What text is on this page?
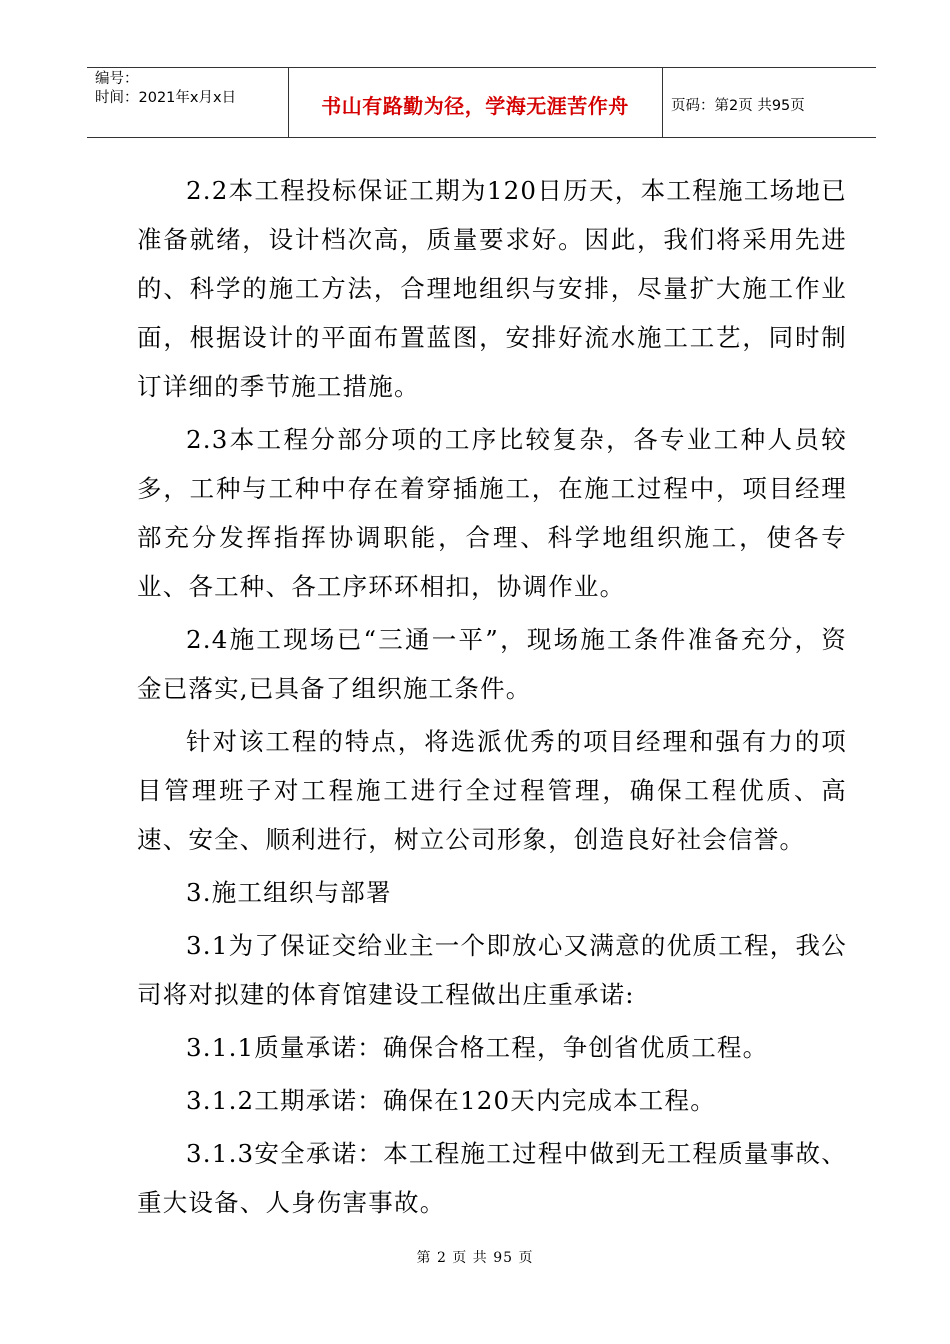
编号：
时间：2021年x月x日	书山有路勤为径，学海无涯苦作舟	页码：第2页 共95页

2.2本工程投标保证工期为120日历天，本工程施工场地已准备就绪，设计档次高，质量要求好。因此，我们将采用先进的、科学的施工方法，合理地组织与安排，尽量扩大施工作业面，根据设计的平面布置蓝图，安排好流水施工工艺，同时制订详细的季节施工措施。

2.3本工程分部分项的工序比较复杂，各专业工种人员较多，工种与工种中存在着穿插施工，在施工过程中，项目经理部充分发挥指挥协调职能，合理、科学地组织施工，使各专业、各工种、各工序环环相扣，协调作业。

2.4施工现场已“三通一平”，现场施工条件准备充分，资金已落实,已具备了组织施工条件。

针对该工程的特点，将选派优秀的项目经理和强有力的项目管理班子对工程施工进行全过程管理，确保工程优质、高速、安全、顺利进行，树立公司形象，创造良好社会信誉。

3.施工组织与部署

3.1为了保证交给业主一个即放心又满意的优质工程，我公司将对拟建的体育馆建设工程做出庄重承诺:

3.1.1质量承诺：确保合格工程，争创省优质工程。

3.1.2工期承诺：确保在120天内完成本工程。

3.1.3安全承诺：本工程施工过程中做到无工程质量事故、重大设备、人身伤害事故。

第 2 页 共 95 页
